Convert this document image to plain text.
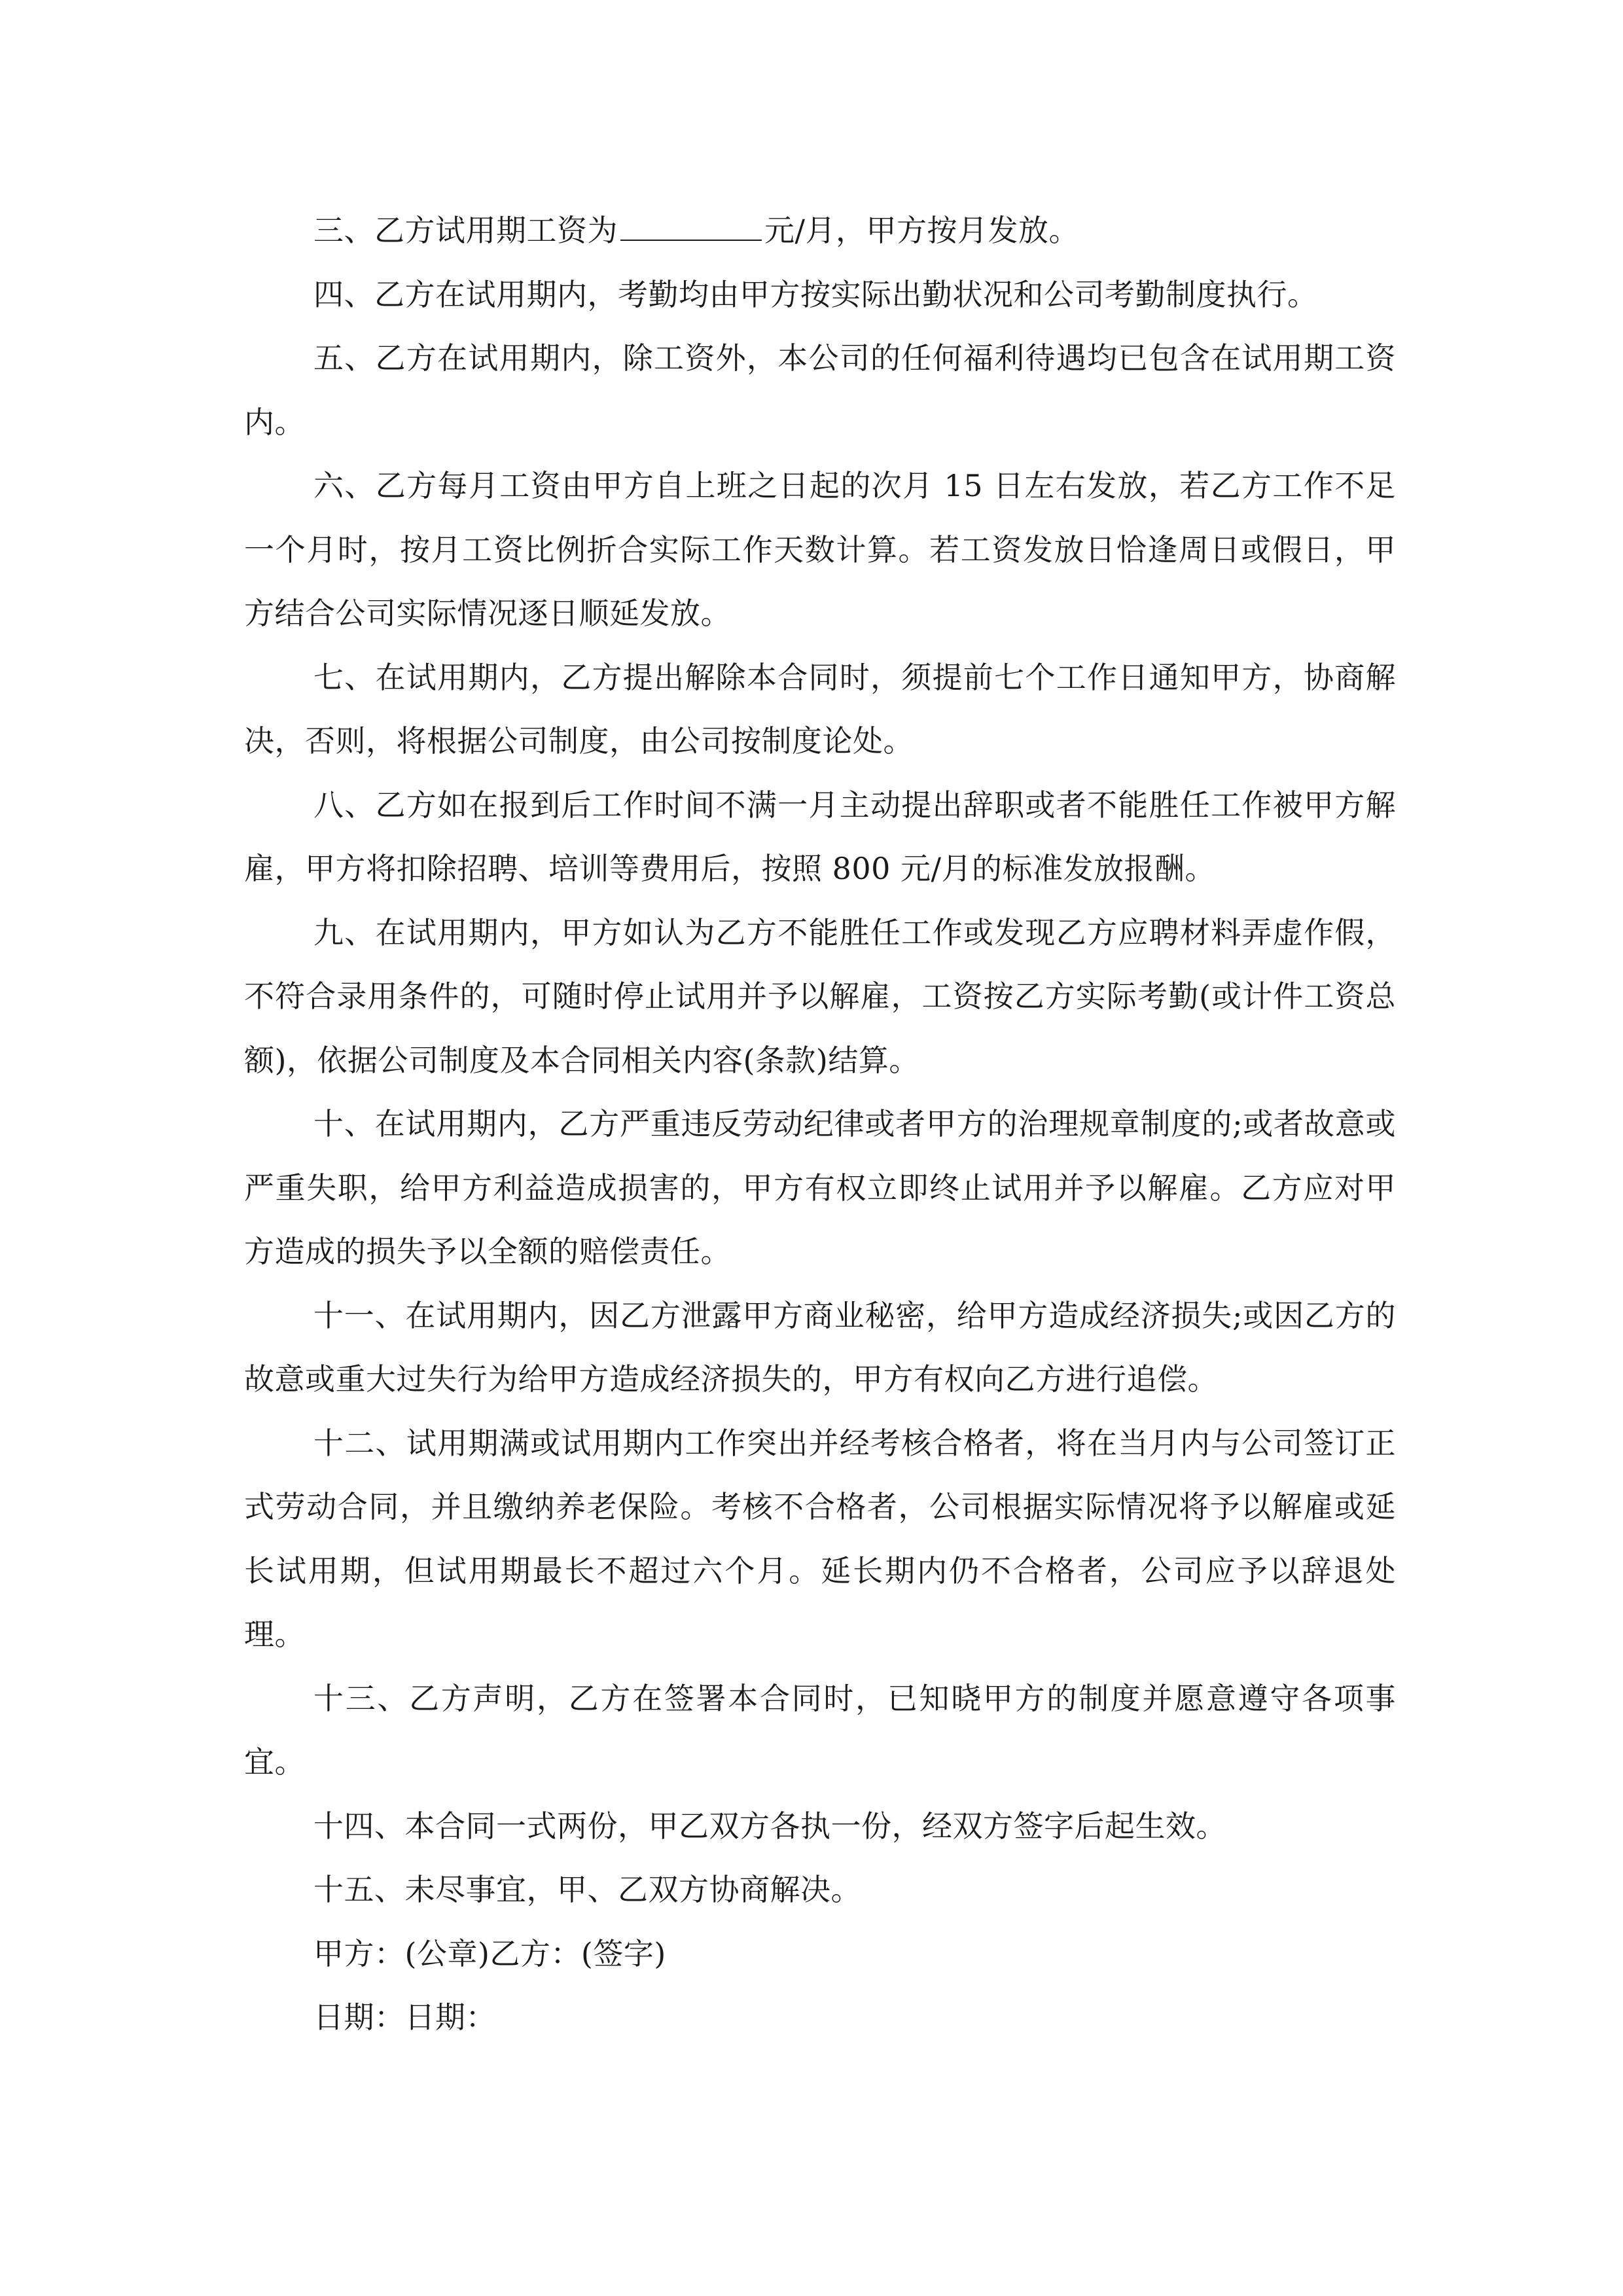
三、乙方试用期工资为	元/月，甲方按月发放。

四、乙方在试用期内，考勤均由甲方按实际出勤状况和公司考勤制度执行。

五、乙方在试用期内，除工资外，本公司的任何福利待遇均已包含在试用期工资内。

六、乙方每月工资由甲方自上班之日起的次月 15 日左右发放，若乙方工作不足一个月时，按月工资比例折合实际工作天数计算。若工资发放日恰逢周日或假日，甲方结合公司实际情况逐日顺延发放。

七、在试用期内，乙方提出解除本合同时，须提前七个工作日通知甲方，协商解决，否则，将根据公司制度，由公司按制度论处。

八、乙方如在报到后工作时间不满一月主动提出辞职或者不能胜任工作被甲方解雇，甲方将扣除招聘、培训等费用后，按照 800 元/月的标准发放报酬。

九、在试用期内，甲方如认为乙方不能胜任工作或发现乙方应聘材料弄虚作假，不符合录用条件的，可随时停止试用并予以解雇，工资按乙方实际考勤(或计件工资总额)，依据公司制度及本合同相关内容(条款)结算。

十、在试用期内，乙方严重违反劳动纪律或者甲方的治理规章制度的;或者故意或严重失职，给甲方利益造成损害的，甲方有权立即终止试用并予以解雇。乙方应对甲方造成的损失予以全额的赔偿责任。

十一、在试用期内，因乙方泄露甲方商业秘密，给甲方造成经济损失;或因乙方的故意或重大过失行为给甲方造成经济损失的，甲方有权向乙方进行追偿。

十二、试用期满或试用期内工作突出并经考核合格者，将在当月内与公司签订正式劳动合同，并且缴纳养老保险。考核不合格者，公司根据实际情况将予以解雇或延长试用期，但试用期最长不超过六个月。延长期内仍不合格者，公司应予以辞退处理。

十三、乙方声明，乙方在签署本合同时，已知晓甲方的制度并愿意遵守各项事宜。

十四、本合同一式两份，甲乙双方各执一份，经双方签字后起生效。

十五、未尽事宜，甲、乙双方协商解决。

甲方：(公章)乙方：(签字)

日期：日期：
